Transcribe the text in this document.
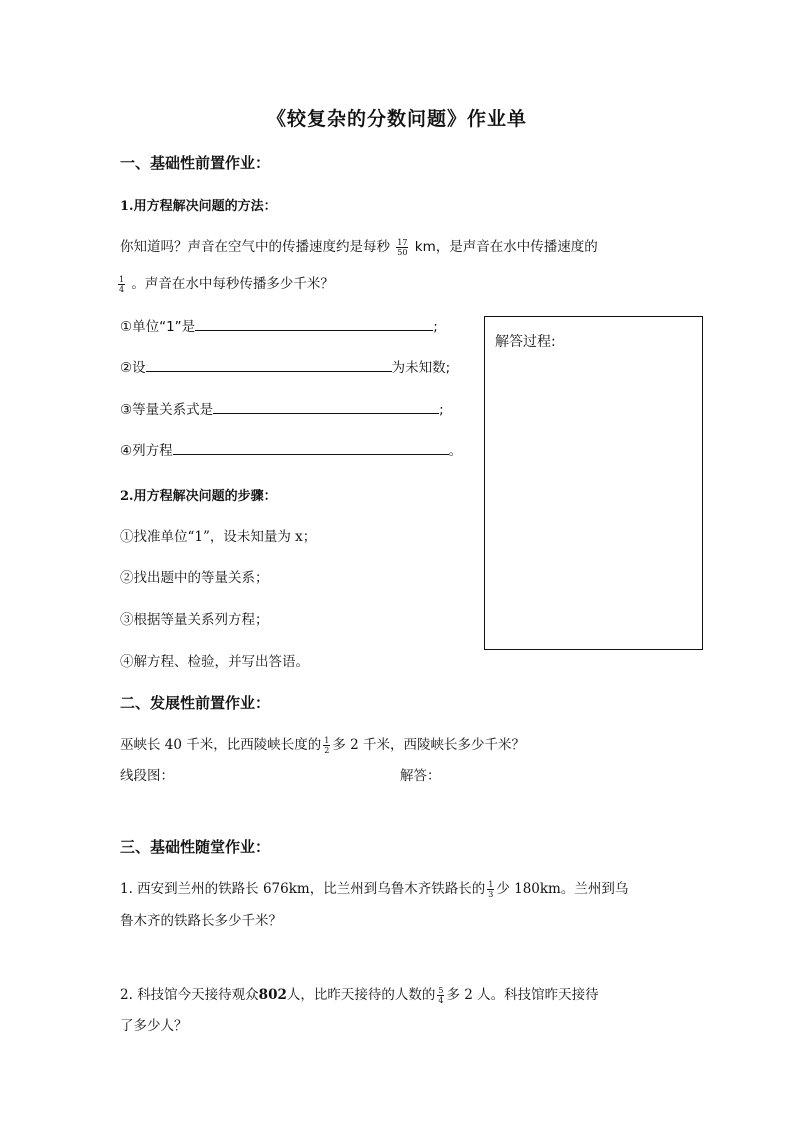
《较复杂的分数问题》作业单
一、基础性前置作业：
1.用方程解决问题的方法：
你知道吗？声音在空气中的传播速度约是每秒 $\frac{17}{50}$ km，是声音在水中传播速度的
$\frac{1}{4}$ 。声音在水中每秒传播多少千米？
①单位“1”是	;
②设	为未知数;
③等量关系式是	;
④列方程	。
解答过程:
2.用方程解决问题的步骤：
①找准单位“1”，设未知量为 x；
②找出题中的等量关系；
③根据等量关系列方程；
④解方程、检验，并写出答语。
二、发展性前置作业：
巫峡长 40 千米，比西陵峡长度的 $\frac{1}{2}$ 多 2 千米，西陵峡长多少千米？
线段图：	解答：
三、基础性随堂作业：
1. 西安到兰州的铁路长 676km，比兰州到乌鲁木齐铁路长的 $\frac{1}{3}$ 少 180km。兰州到乌
鲁木齐的铁路长多少千米？
2. 科技馆今天接待观众802人，比昨天接待的人数的 $\frac{5}{4}$ 多 2 人。科技馆昨天接待
了多少人？
